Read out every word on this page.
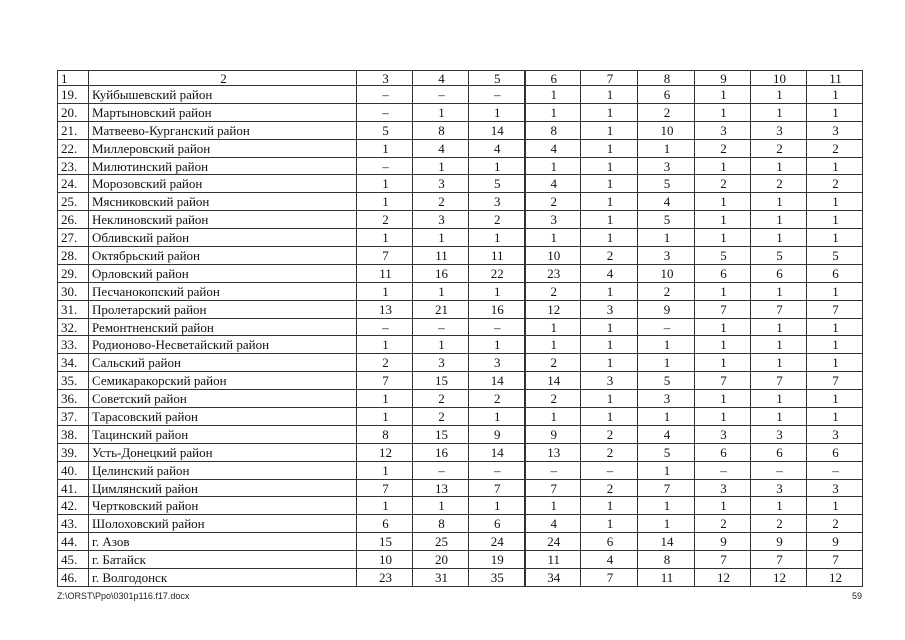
1	2	3	4	5	6	7	8	9	10	11
19.	Куйбышевский район	–	–	–	1	1	6	1	1	1
20.	Мартыновский район	–	1	1	1	1	2	1	1	1
21.	Матвеево-Курганский район	5	8	14	8	1	10	3	3	3
22.	Миллеровский район	1	4	4	4	1	1	2	2	2
23.	Милютинский район	–	1	1	1	1	3	1	1	1
24.	Морозовский район	1	3	5	4	1	5	2	2	2
25.	Мясниковский район	1	2	3	2	1	4	1	1	1
26.	Неклиновский район	2	3	2	3	1	5	1	1	1
27.	Обливский район	1	1	1	1	1	1	1	1	1
28.	Октябрьский район	7	11	11	10	2	3	5	5	5
29.	Орловский район	11	16	22	23	4	10	6	6	6
30.	Песчанокопский район	1	1	1	2	1	2	1	1	1
31.	Пролетарский район	13	21	16	12	3	9	7	7	7
32.	Ремонтненский район	–	–	–	1	1	–	1	1	1
33.	Родионово-Несветайский район	1	1	1	1	1	1	1	1	1
34.	Сальский район	2	3	3	2	1	1	1	1	1
35.	Семикаракорский район	7	15	14	14	3	5	7	7	7
36.	Советский район	1	2	2	2	1	3	1	1	1
37.	Тарасовский район	1	2	1	1	1	1	1	1	1
38.	Тацинский район	8	15	9	9	2	4	3	3	3
39.	Усть-Донецкий район	12	16	14	13	2	5	6	6	6
40.	Целинский район	1	–	–	–	–	1	–	–	–
41.	Цимлянский район	7	13	7	7	2	7	3	3	3
42.	Чертковский район	1	1	1	1	1	1	1	1	1
43.	Шолоховский район	6	8	6	4	1	1	2	2	2
44.	г. Азов	15	25	24	24	6	14	9	9	9
45.	г. Батайск	10	20	19	11	4	8	7	7	7
46.	г. Волгодонск	23	31	35	34	7	11	12	12	12
Z:\ORST\Ppo\0301p116.f17.docx	59
